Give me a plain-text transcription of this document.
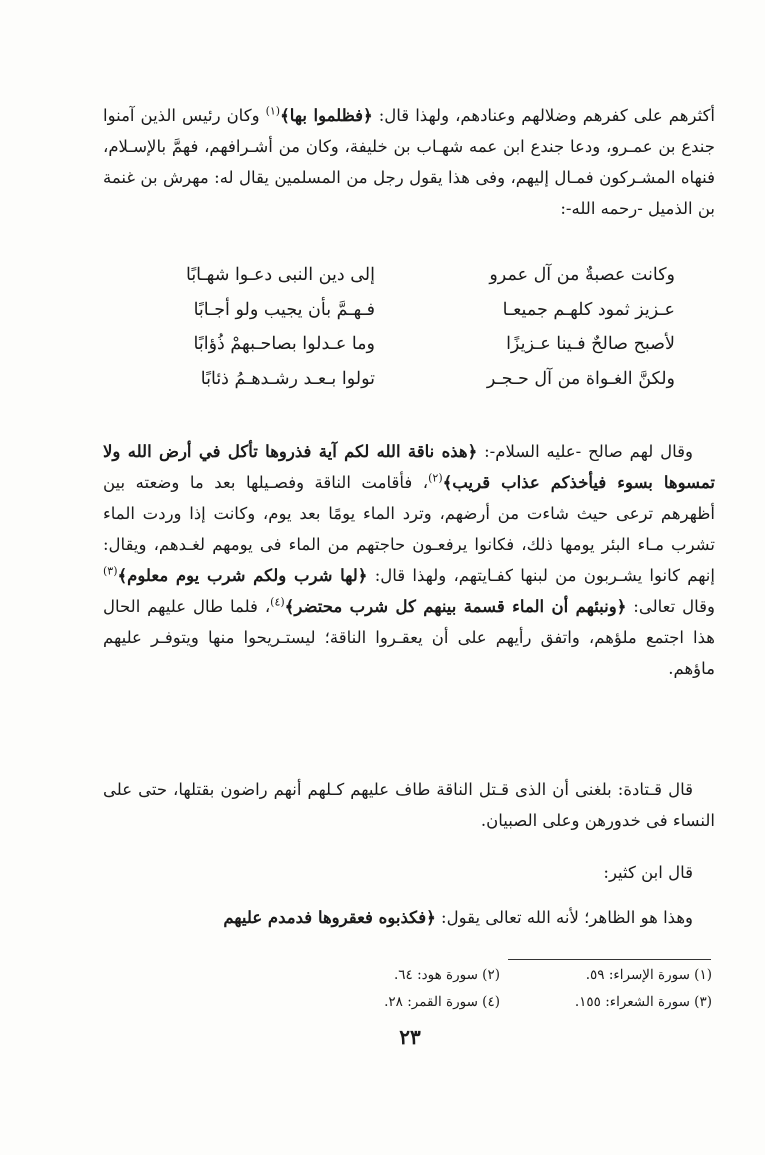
أكثرهم على كفرهم وضلالهم وعنادهم، ولهذا قال: ﴿فظلموا بها﴾$^{(١)}$ وكان رئيس الذين آمنوا جندع بن عمـرو، ودعا جندع ابن عمه شهـاب بن خليفة، وكان من أشـرافهم، فهمَّ بالإسـلام، فنهاه المشـركون فمـال إليهم، وفى هذا يقول رجل من المسلمين يقال له: مهرش بن غنمة بن الذميل -رحمه الله-:

وكانت عصبةٌ من آل عمرو
إلى دين النبى دعـوا شهـابًا
عـزيز ثمود كلهـم جميعـا
فـهـمَّ بأن يجيب ولو أجـابًا
لأصبح صالحٌ فـينا عـزيزًا
وما عـدلوا بصاحـبهمْ ذُؤابًا
ولكنَّ الغـواة من آل حـجـر
تولوا بـعـد رشـدهـمُ ذئابًا

وقال لهم صالح -عليه السلام-: ﴿هذه ناقة الله لكم آية فذروها تأكل في أرض الله ولا تمسوها بسوء فيأخذكم عذاب قريب﴾$^{(٢)}$، فأقامت الناقة وفصـيلها بعد ما وضعته بين أظهرهم ترعى حيث شاءت من أرضهم، وترد الماء يومًا بعد يوم، وكانت إذا وردت الماء تشرب مـاء البئر يومها ذلك، فكانوا يرفعـون حاجتهم من الماء فى يومهم لغـدهم، ويقال: إنهم كانوا يشـربون من لبنها كفـايتهم، ولهذا قال: ﴿لها شرب ولكم شرب يوم معلوم﴾$^{(٣)}$ وقال تعالى: ﴿ونبئهم أن الماء قسمة بينهم كل شرب محتضر﴾$^{(٤)}$، فلما طال عليهم الحال هذا اجتمع ملؤهم، واتفق رأيهم على أن يعقـروا الناقة؛ ليستـريحوا منها ويتوفـر عليهم ماؤهم.

قال قـتادة: بلغنى أن الذى قـتل الناقة طاف عليهم كـلهم أنهم راضون بقتلها، حتى على النساء فى خدورهن وعلى الصبيان.

قال ابن كثير:

وهذا هو الظاهر؛ لأنه الله تعالى يقول: ﴿فكذبوه فعقروها فدمدم عليهم

(١) سورة الإسراء: ٥٩.
(٢) سورة هود: ٦٤.
(٣) سورة الشعراء: ١٥٥.
(٤) سورة القمر: ٢٨.
٢٣
